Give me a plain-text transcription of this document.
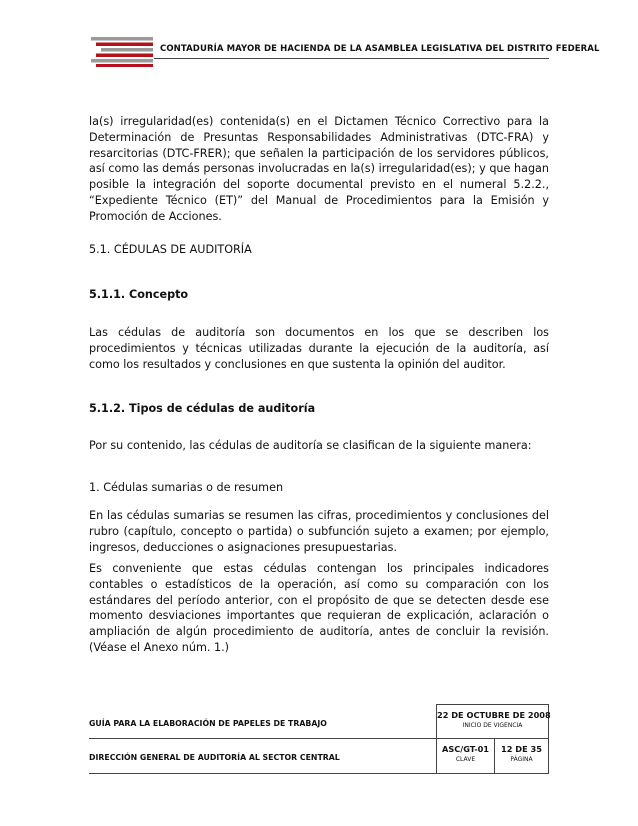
CONTADURÍA MAYOR DE HACIENDA DE LA ASAMBLEA LEGISLATIVA DEL DISTRITO FEDERAL
la(s) irregularidad(es) contenida(s) en el Dictamen Técnico Correctivo para la Determinación de Presuntas Responsabilidades Administrativas (DTC-FRA) y resarcitorias (DTC-FRER); que señalen la participación de los servidores públicos, así como las demás personas involucradas en la(s) irregularidad(es); y que hagan posible la integración del soporte documental previsto en el numeral 5.2.2., “Expediente Técnico (ET)” del Manual de Procedimientos para la Emisión y Promoción de Acciones.
5.1. CÉDULAS DE AUDITORÍA
5.1.1. Concepto
Las cédulas de auditoría son documentos en los que se describen los procedimientos y técnicas utilizadas durante la ejecución de la auditoría, así como los resultados y conclusiones en que sustenta la opinión del auditor.
5.1.2. Tipos de cédulas de auditoría
Por su contenido, las cédulas de auditoría se clasifican de la siguiente manera:
1. Cédulas sumarias o de resumen
En las cédulas sumarias se resumen las cifras, procedimientos y conclusiones del rubro (capítulo, concepto o partida) o subfunción sujeto a examen; por ejemplo, ingresos, deducciones o asignaciones presupuestarias.
Es conveniente que estas cédulas contengan los principales indicadores contables o estadísticos de la operación, así como su comparación con los estándares del período anterior, con el propósito de que se detecten desde ese momento desviaciones importantes que requieran de explicación, aclaración o ampliación de algún procedimiento de auditoría, antes de concluir la revisión. (Véase el Anexo núm. 1.)
GUÍA PARA LA ELABORACIÓN DE PAPELES DE TRABAJO
DIRECCIÓN GENERAL DE AUDITORÍA AL SECTOR CENTRAL
22 DE OCTUBRE DE 2008
INICIO DE VIGENCIA
ASC/GT-01
CLAVE
12 DE 35
PÁGINA
